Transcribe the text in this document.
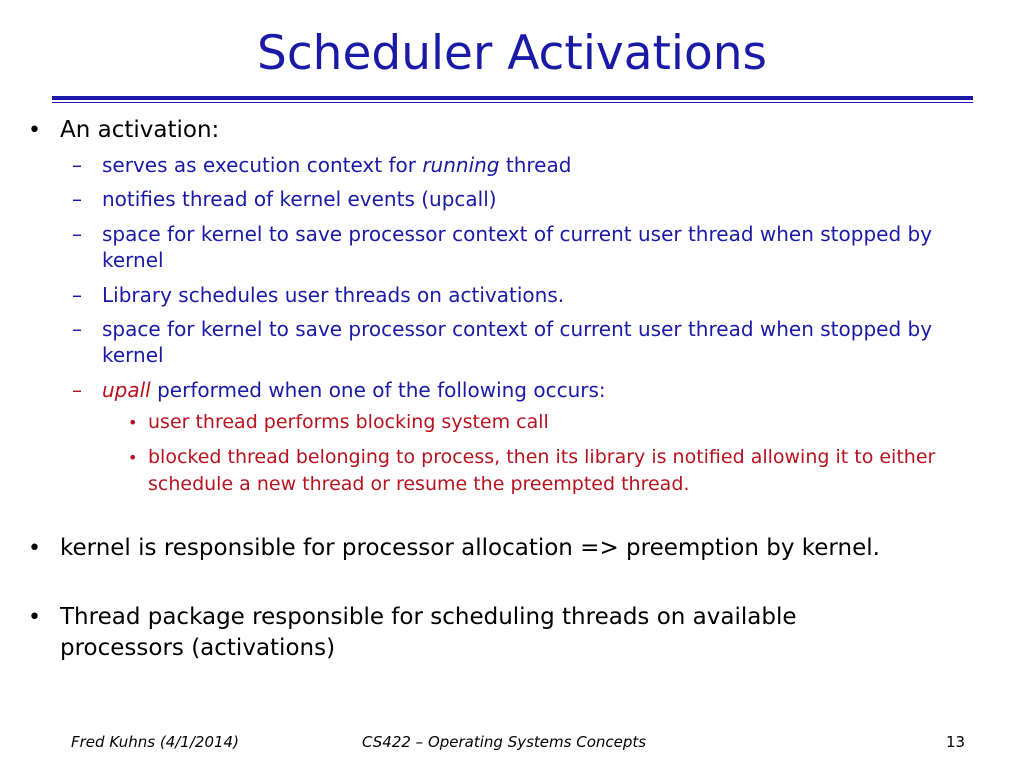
Scheduler Activations
• An activation:

– serves as execution context for running thread

– notifies thread of kernel events (upcall)

– space for kernel to save processor context of current user thread when stopped by kernel

– Library schedules user threads on activations.

– space for kernel to save processor context of current user thread when stopped by kernel

– upall performed when one of the following occurs:

• user thread performs blocking system call

• blocked thread belonging to process, then its library is notified allowing it to either schedule a new thread or resume the preempted thread.

• kernel is responsible for processor allocation => preemption by kernel.

• Thread package responsible for scheduling threads on available processors (activations)

Fred Kuhns (4/1/2014)	CS422 – Operating Systems Concepts	13
